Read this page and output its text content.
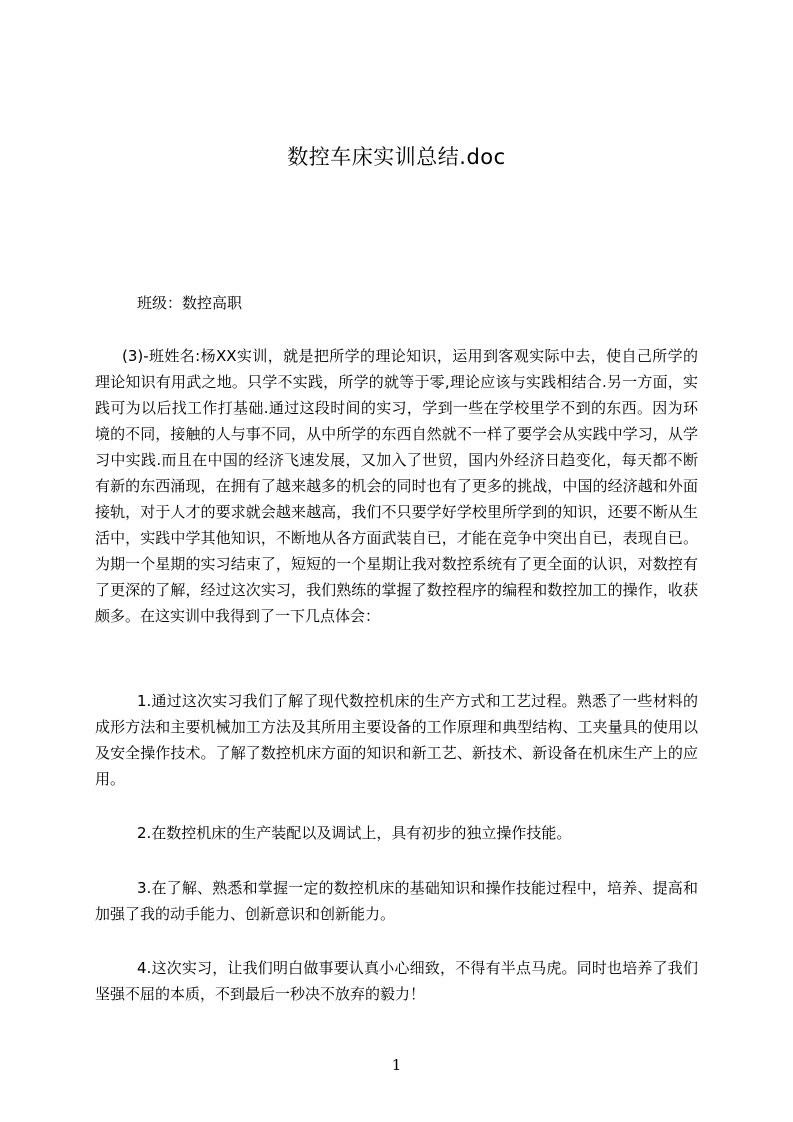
数控车床实训总结.doc
班级：数控高职
(3)-班姓名:杨XX实训，就是把所学的理论知识，运用到客观实际中去，使自己所学的理论知识有用武之地。只学不实践，所学的就等于零,理论应该与实践相结合.另一方面，实践可为以后找工作打基础.通过这段时间的实习，学到一些在学校里学不到的东西。因为环境的不同，接触的人与事不同，从中所学的东西自然就不一样了要学会从实践中学习，从学习中实践.而且在中国的经济飞速发展，又加入了世贸，国内外经济日趋变化，每天都不断有新的东西涌现，在拥有了越来越多的机会的同时也有了更多的挑战，中国的经济越和外面接轨，对于人才的要求就会越来越高，我们不只要学好学校里所学到的知识，还要不断从生活中，实践中学其他知识，不断地从各方面武装自已，才能在竞争中突出自已，表现自已。为期一个星期的实习结束了，短短的一个星期让我对数控系统有了更全面的认识，对数控有了更深的了解，经过这次实习，我们熟练的掌握了数控程序的编程和数控加工的操作，收获颇多。在这实训中我得到了一下几点体会：
1.通过这次实习我们了解了现代数控机床的生产方式和工艺过程。熟悉了一些材料的成形方法和主要机械加工方法及其所用主要设备的工作原理和典型结构、工夹量具的使用以及安全操作技术。了解了数控机床方面的知识和新工艺、新技术、新设备在机床生产上的应用。
2.在数控机床的生产装配以及调试上，具有初步的独立操作技能。
3.在了解、熟悉和掌握一定的数控机床的基础知识和操作技能过程中，培养、提高和加强了我的动手能力、创新意识和创新能力。
4.这次实习，让我们明白做事要认真小心细致，不得有半点马虎。同时也培养了我们坚强不屈的本质，不到最后一秒决不放弃的毅力！
1
